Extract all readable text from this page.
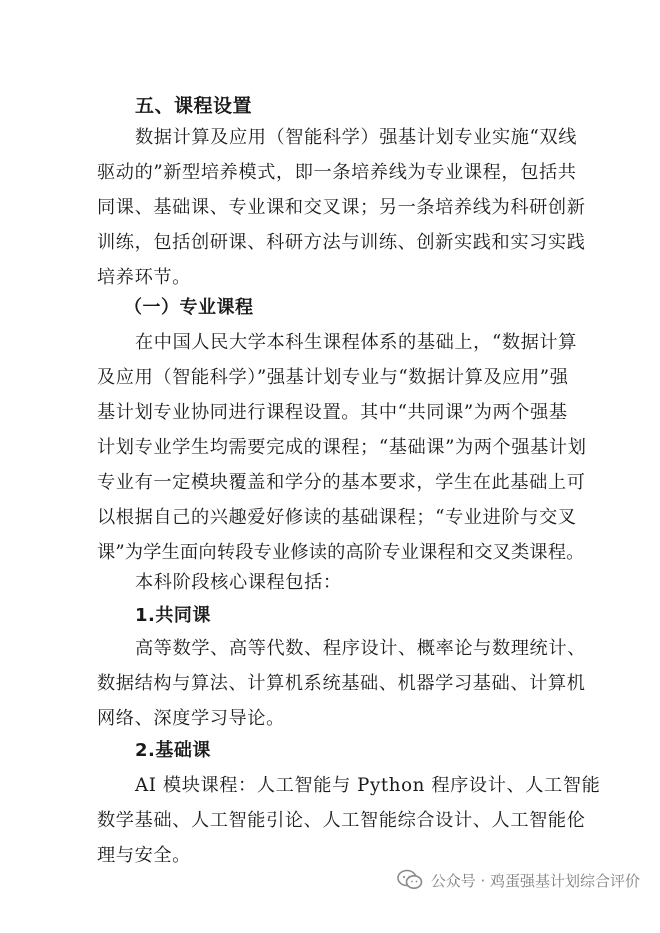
五、课程设置
数据计算及应用（智能科学）强基计划专业实施“双线
驱动的”新型培养模式，即一条培养线为专业课程，包括共
同课、基础课、专业课和交叉课；另一条培养线为科研创新
训练，包括创研课、科研方法与训练、创新实践和实习实践
培养环节。
（一）专业课程
在中国人民大学本科生课程体系的基础上，“数据计算
及应用（智能科学）”强基计划专业与“数据计算及应用”强
基计划专业协同进行课程设置。其中“共同课”为两个强基
计划专业学生均需要完成的课程；“基础课”为两个强基计划
专业有一定模块覆盖和学分的基本要求，学生在此基础上可
以根据自己的兴趣爱好修读的基础课程；“专业进阶与交叉
课”为学生面向转段专业修读的高阶专业课程和交叉类课程。
本科阶段核心课程包括：
1.共同课
高等数学、高等代数、程序设计、概率论与数理统计、
数据结构与算法、计算机系统基础、机器学习基础、计算机
网络、深度学习导论。
2.基础课
AI 模块课程：人工智能与 Python 程序设计、人工智能
数学基础、人工智能引论、人工智能综合设计、人工智能伦
理与安全。
公众号 · 鸡蛋强基计划综合评价
